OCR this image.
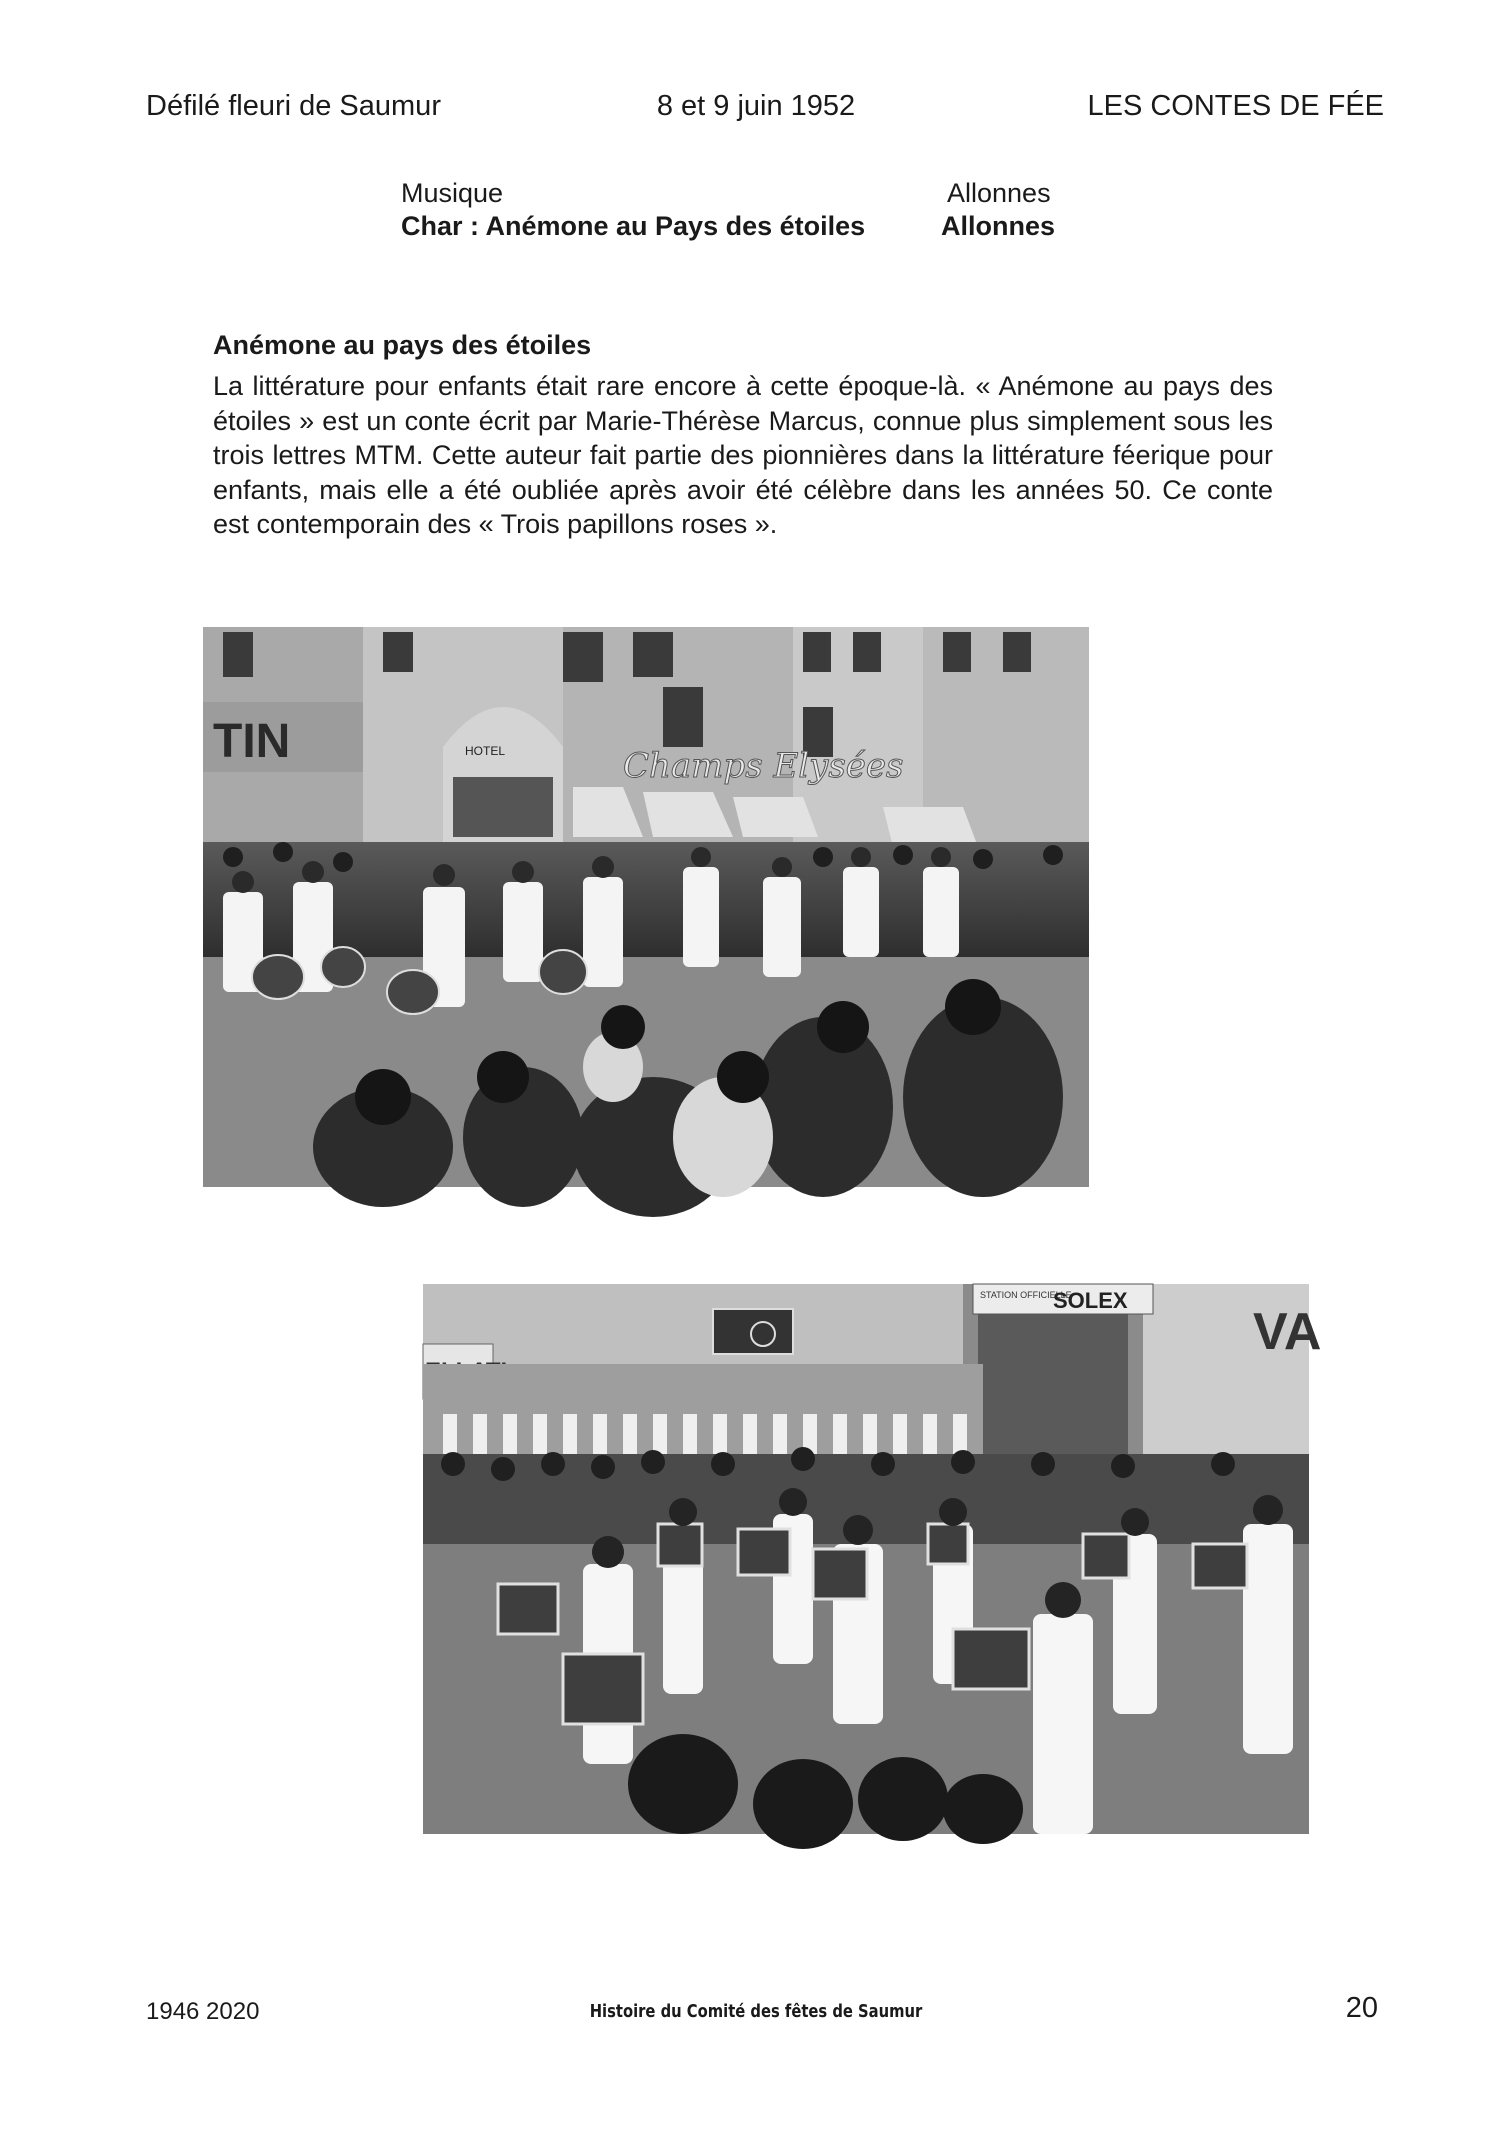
Défilé fleuri de Saumur	8 et 9 juin 1952	LES CONTES DE FÉE
Musique	Allonnes
Char : Anémone au Pays des étoiles	Allonnes
Anémone au pays des étoiles

La littérature pour enfants était rare encore à cette époque-là. « Anémone au pays des étoiles » est un conte écrit par Marie-Thérèse Marcus, connue plus simplement sous les trois lettres MTM. Cette auteur fait partie des pionnières dans la littérature féerique pour enfants, mais elle a été oubliée après avoir été célèbre dans les années 50. Ce conte est contemporain des « Trois papillons roses ».

TIN	HOTEL	Champs Elysées
STATION OFFICIELLE
SOLEX
VA
1946 2020	Histoire du Comité des fêtes de Saumur	20
